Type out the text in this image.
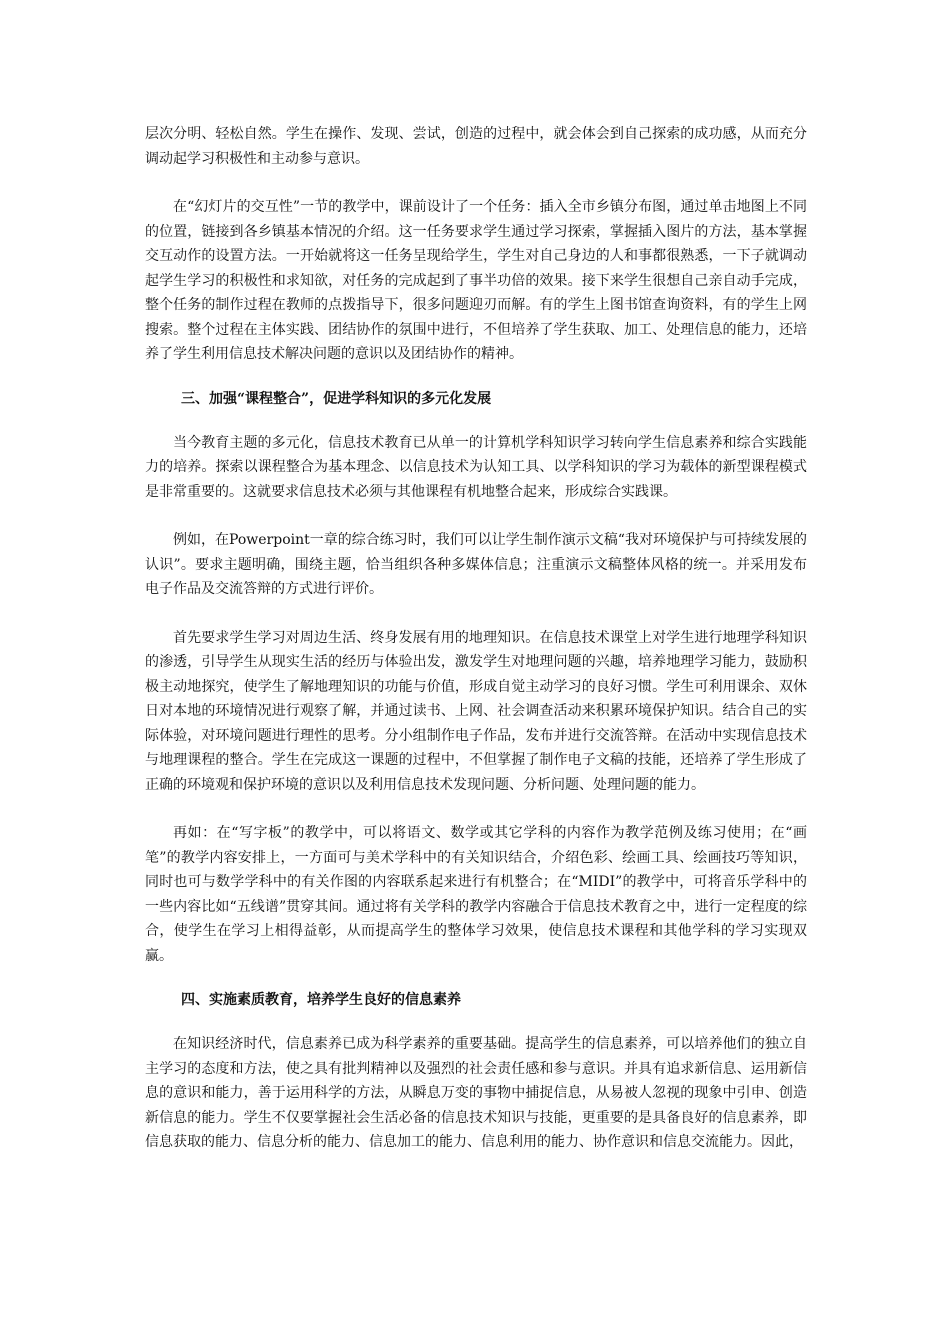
层次分明、轻松自然。学生在操作、发现、尝试，创造的过程中，就会体会到自己探索的成功感，从而充分调动起学习积极性和主动参与意识。

在“幻灯片的交互性”一节的教学中，课前设计了一个任务：插入全市乡镇分布图，通过单击地图上不同的位置，链接到各乡镇基本情况的介绍。这一任务要求学生通过学习探索，掌握插入图片的方法，基本掌握交互动作的设置方法。一开始就将这一任务呈现给学生，学生对自己身边的人和事都很熟悉，一下子就调动起学生学习的积极性和求知欲，对任务的完成起到了事半功倍的效果。接下来学生很想自己亲自动手完成，整个任务的制作过程在教师的点拨指导下，很多问题迎刃而解。有的学生上图书馆查询资料，有的学生上网搜索。整个过程在主体实践、团结协作的氛围中进行，不但培养了学生获取、加工、处理信息的能力，还培养了学生利用信息技术解决问题的意识以及团结协作的精神。

三、加强“课程整合”，促进学科知识的多元化发展

当今教育主题的多元化，信息技术教育已从单一的计算机学科知识学习转向学生信息素养和综合实践能力的培养。探索以课程整合为基本理念、以信息技术为认知工具、以学科知识的学习为载体的新型课程模式是非常重要的。这就要求信息技术必须与其他课程有机地整合起来，形成综合实践课。

例如，在Powerpoint一章的综合练习时，我们可以让学生制作演示文稿“我对环境保护与可持续发展的认识”。要求主题明确，围绕主题，恰当组织各种多媒体信息；注重演示文稿整体风格的统一。并采用发布电子作品及交流答辩的方式进行评价。

首先要求学生学习对周边生活、终身发展有用的地理知识。在信息技术课堂上对学生进行地理学科知识的渗透，引导学生从现实生活的经历与体验出发，激发学生对地理问题的兴趣，培养地理学习能力，鼓励积极主动地探究，使学生了解地理知识的功能与价值，形成自觉主动学习的良好习惯。学生可利用课余、双休日对本地的环境情况进行观察了解，并通过读书、上网、社会调查活动来积累环境保护知识。结合自己的实际体验，对环境问题进行理性的思考。分小组制作电子作品，发布并进行交流答辩。在活动中实现信息技术与地理课程的整合。学生在完成这一课题的过程中，不但掌握了制作电子文稿的技能，还培养了学生形成了正确的环境观和保护环境的意识以及利用信息技术发现问题、分析问题、处理问题的能力。

再如：在“写字板”的教学中，可以将语文、数学或其它学科的内容作为教学范例及练习使用；在“画笔”的教学内容安排上，一方面可与美术学科中的有关知识结合，介绍色彩、绘画工具、绘画技巧等知识，同时也可与数学学科中的有关作图的内容联系起来进行有机整合；在“MIDI”的教学中，可将音乐学科中的一些内容比如“五线谱”贯穿其间。通过将有关学科的教学内容融合于信息技术教育之中，进行一定程度的综合，使学生在学习上相得益彰，从而提高学生的整体学习效果，使信息技术课程和其他学科的学习实现双赢。

四、实施素质教育，培养学生良好的信息素养

在知识经济时代，信息素养已成为科学素养的重要基础。提高学生的信息素养，可以培养他们的独立自主学习的态度和方法，使之具有批判精神以及强烈的社会责任感和参与意识。并具有追求新信息、运用新信息的意识和能力，善于运用科学的方法，从瞬息万变的事物中捕捉信息，从易被人忽视的现象中引申、创造新信息的能力。学生不仅要掌握社会生活必备的信息技术知识与技能，更重要的是具备良好的信息素养，即信息获取的能力、信息分析的能力、信息加工的能力、信息利用的能力、协作意识和信息交流能力。因此，
